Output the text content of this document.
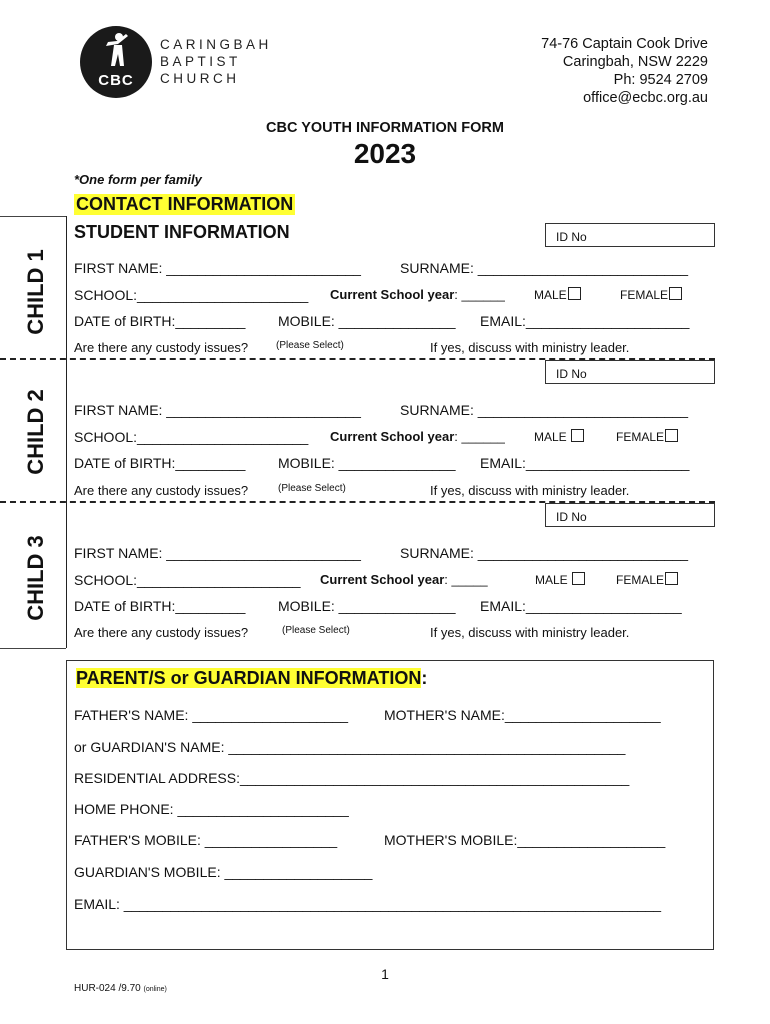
CBC
CARINGBAH
BAPTIST
CHURCH
74-76 Captain Cook Drive
Caringbah, NSW 2229
Ph: 9524 2709
office@ecbc.org.au
CBC YOUTH INFORMATION FORM
2023
*One form per family
CONTACT INFORMATION
STUDENT INFORMATION
CHILD 1
ID No
FIRST NAME: _________________________	SURNAME: ___________________________
SCHOOL:______________________ Current School year: ______ MALE	FEMALE
DATE of BIRTH:_________ MOBILE: _______________ EMAIL:_____________________
Are there any custody issues?	(Please Select)	If yes, discuss with ministry leader.
CHILD 2
ID No
FIRST NAME: _________________________	SURNAME: ___________________________
SCHOOL:______________________ Current School year: ______ MALE	FEMALE
DATE of BIRTH:_________ MOBILE: _______________ EMAIL:_____________________
Are there any custody issues?	(Please Select)	If yes, discuss with ministry leader.
CHILD 3
ID No
FIRST NAME: _________________________	SURNAME: ___________________________
SCHOOL:_____________________ Current School year: _____	MALE	FEMALE
DATE of BIRTH:_________ MOBILE: _______________ EMAIL:____________________
Are there any custody issues?	(Please Select)	If yes, discuss with ministry leader.
PARENT/S or GUARDIAN INFORMATION:
FATHER'S NAME: ____________________	MOTHER'S NAME:____________________
or GUARDIAN'S NAME: ___________________________________________________
RESIDENTIAL ADDRESS:__________________________________________________
HOME PHONE: ______________________
FATHER'S MOBILE: _________________	MOTHER'S MOBILE:___________________
GUARDIAN'S MOBILE: ___________________
EMAIL: _____________________________________________________________________
1
HUR-024 /9.70 (online)
